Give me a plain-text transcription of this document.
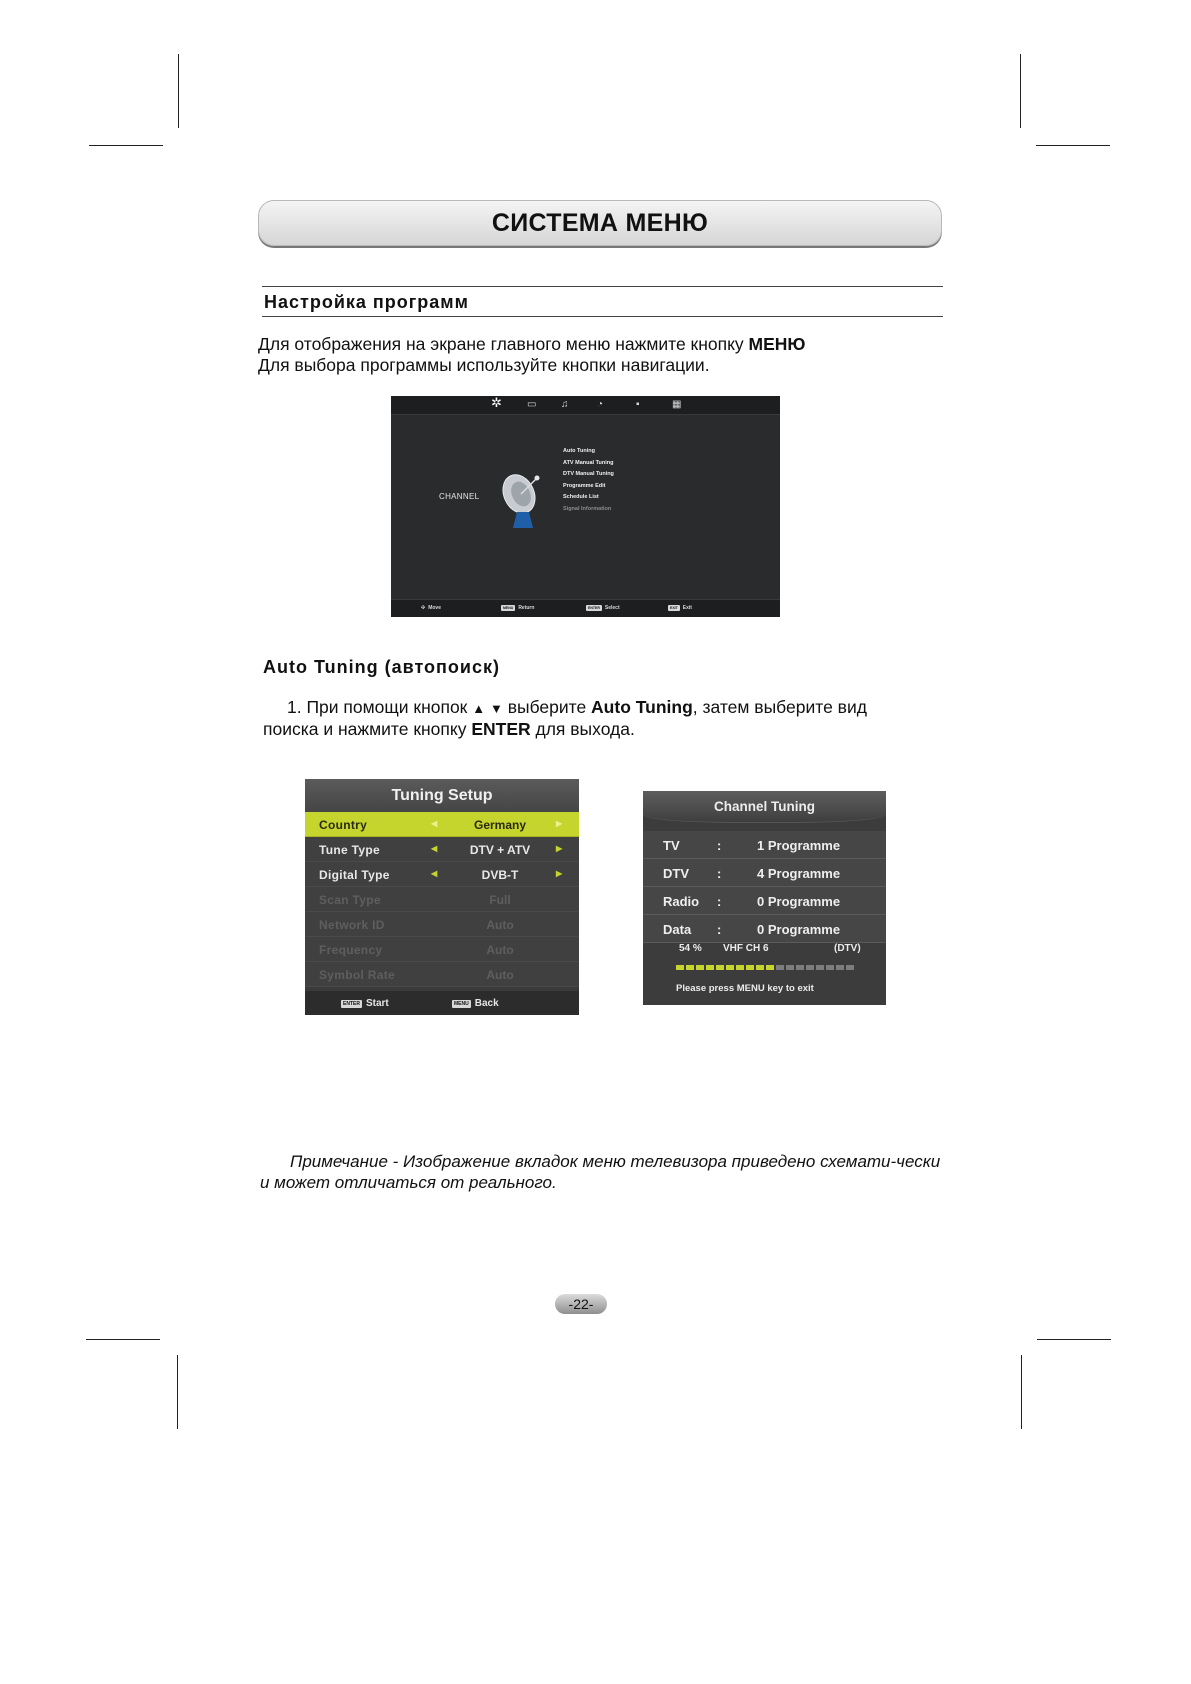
СИСТЕМА МЕНЮ
Настройка программ
Для отображения на экране главного меню нажмите кнопку МЕНЮ
Для выбора программы используйте кнопки навигации.
✲	▭ ♫	◔	▪	▦
CHANNEL
Auto Tuning
ATV Manual Tuning
DTV Manual Tuning
Programme Edit
Schedule List
Signal Information
✣ Move	MENU	Return	ENTER	Select	EXIT	Exit
Auto Tuning (автопоиск)
1. При помощи кнопок ▲ ▼ выберите Auto Tuning, затем выберите вид
поиска и нажмите кнопку ENTER для выхода.
Tuning Setup
Country	◀	Germany	▶
Tune Type	◀	DTV + ATV	▶
Digital Type	◀	DVB-T	▶
Scan Type	Full
Network ID	Auto
Frequency	Auto
Symbol Rate	Auto
ENTER Start	MENU Back
Channel Tuning
TV	:	1 Programme
DTV :	4 Programme
Radio :	0 Programme
Data :	0 Programme
54 % VHF CH 6	(DTV)
Please press MENU key to exit
Примечание - Изображение вкладок меню телевизора приведено схемати-чески и может отличаться от реального.
-22-
